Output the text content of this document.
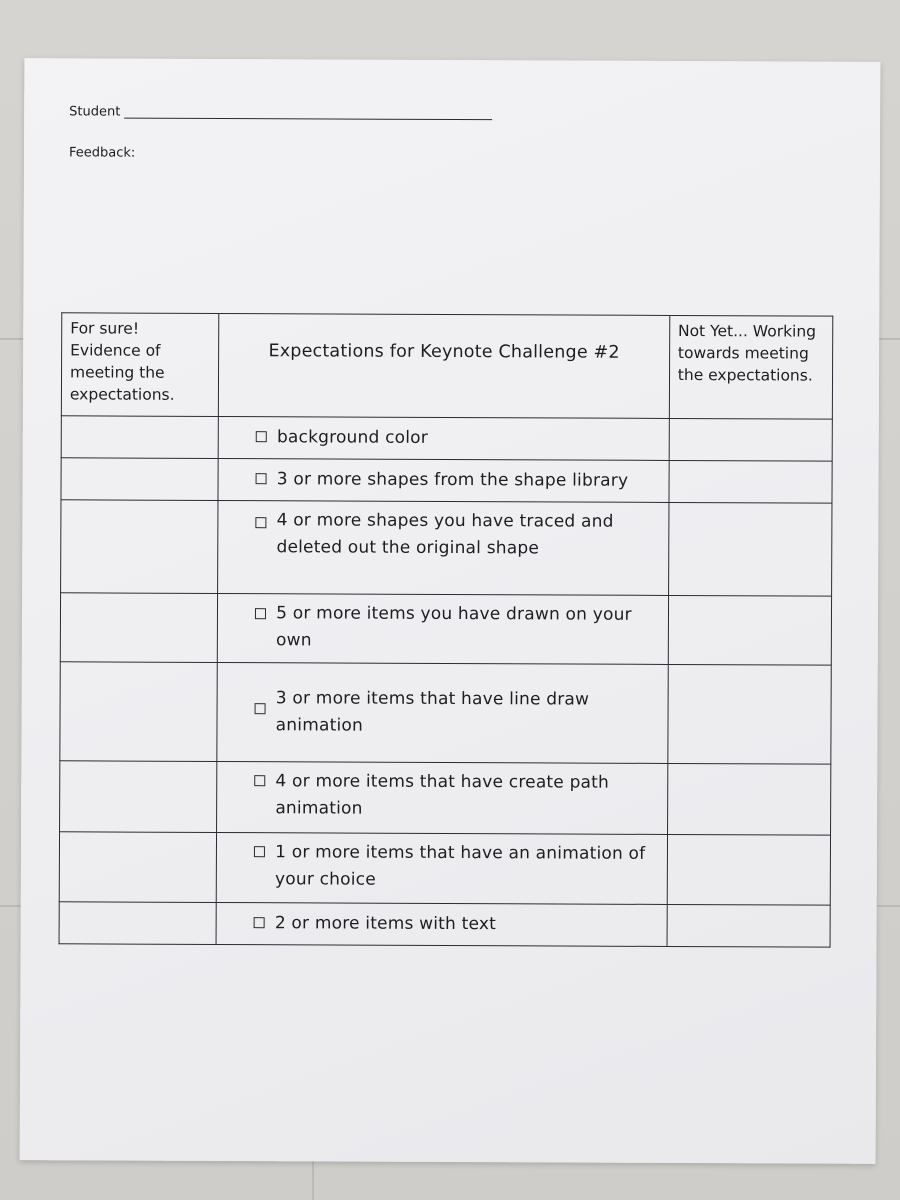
Student
Feedback:
For sure! Evidence of meeting the expectations.	Expectations for Keynote Challenge #2	Not Yet... Working towards meeting the expectations.

	background color	

	3 or more shapes from the shape library	

	4 or more shapes you have traced and deleted out the original shape	

	5 or more items you have drawn on your own	

	3 or more items that have line draw animation	

	4 or more items that have create path animation	

	1 or more items that have an animation of your choice	

	2 or more items with text	
